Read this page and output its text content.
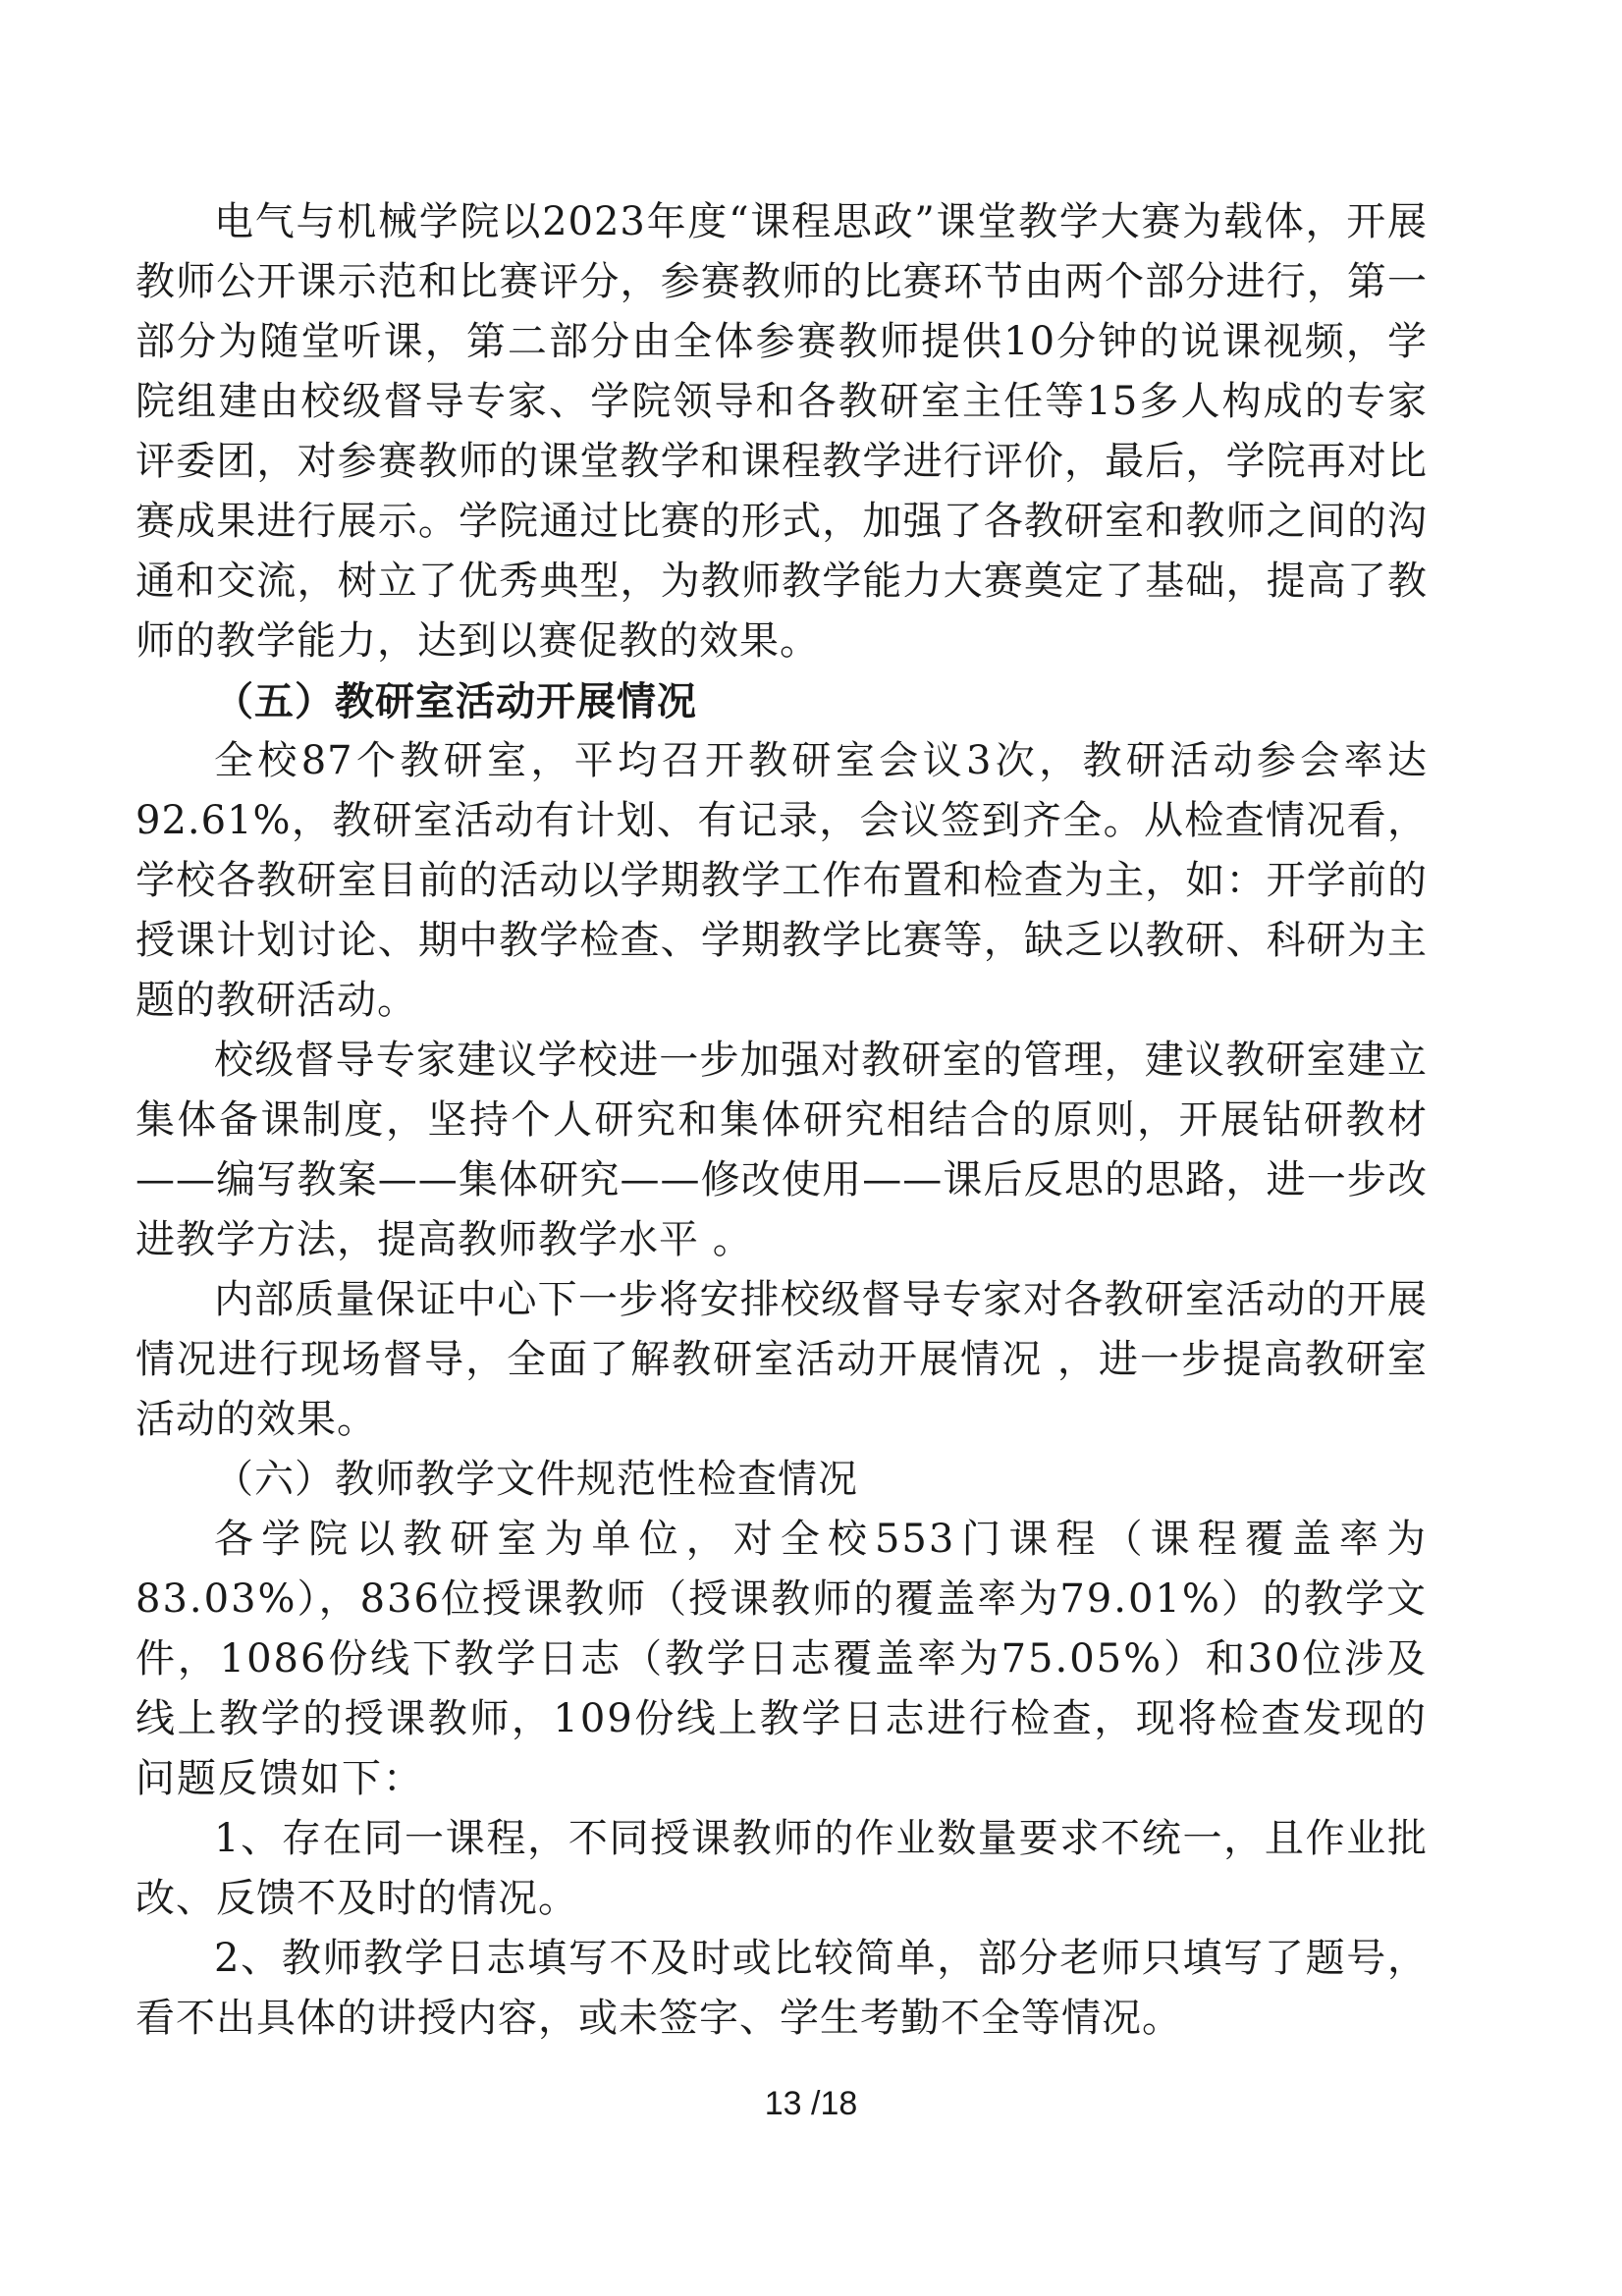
电气与机械学院以2023年度“课程思政”课堂教学大赛为载体，开展教师公开课示范和比赛评分，参赛教师的比赛环节由两个部分进行，第一部分为随堂听课，第二部分由全体参赛教师提供10分钟的说课视频，学院组建由校级督导专家、学院领导和各教研室主任等15多人构成的专家评委团，对参赛教师的课堂教学和课程教学进行评价，最后，学院再对比赛成果进行展示。学院通过比赛的形式，加强了各教研室和教师之间的沟通和交流，树立了优秀典型，为教师教学能力大赛奠定了基础，提高了教师的教学能力，达到以赛促教的效果。

（五）教研室活动开展情况

全校87个教研室，平均召开教研室会议3次，教研活动参会率达92.61%，教研室活动有计划、有记录，会议签到齐全。从检查情况看，学校各教研室目前的活动以学期教学工作布置和检查为主，如：开学前的授课计划讨论、期中教学检查、学期教学比赛等，缺乏以教研、科研为主题的教研活动。

校级督导专家建议学校进一步加强对教研室的管理，建议教研室建立集体备课制度，坚持个人研究和集体研究相结合的原则，开展钻研教材——编写教案——集体研究——修改使用——课后反思的思路，进一步改进教学方法，提高教师教学水平 。

内部质量保证中心下一步将安排校级督导专家对各教研室活动的开展情况进行现场督导，全面了解教研室活动开展情况 ，进一步提高教研室活动的效果。

（六）教师教学文件规范性检查情况

各学院以教研室为单位，对全校553门课程（课程覆盖率为83.03%），836位授课教师（授课教师的覆盖率为79.01%）的教学文件，1086份线下教学日志（教学日志覆盖率为75.05%）和30位涉及线上教学的授课教师，109份线上教学日志进行检查，现将检查发现的问题反馈如下：

1、存在同一课程，不同授课教师的作业数量要求不统一，且作业批改、反馈不及时的情况。

2、教师教学日志填写不及时或比较简单，部分老师只填写了题号，看不出具体的讲授内容，或未签字、学生考勤不全等情况。

13 /18
